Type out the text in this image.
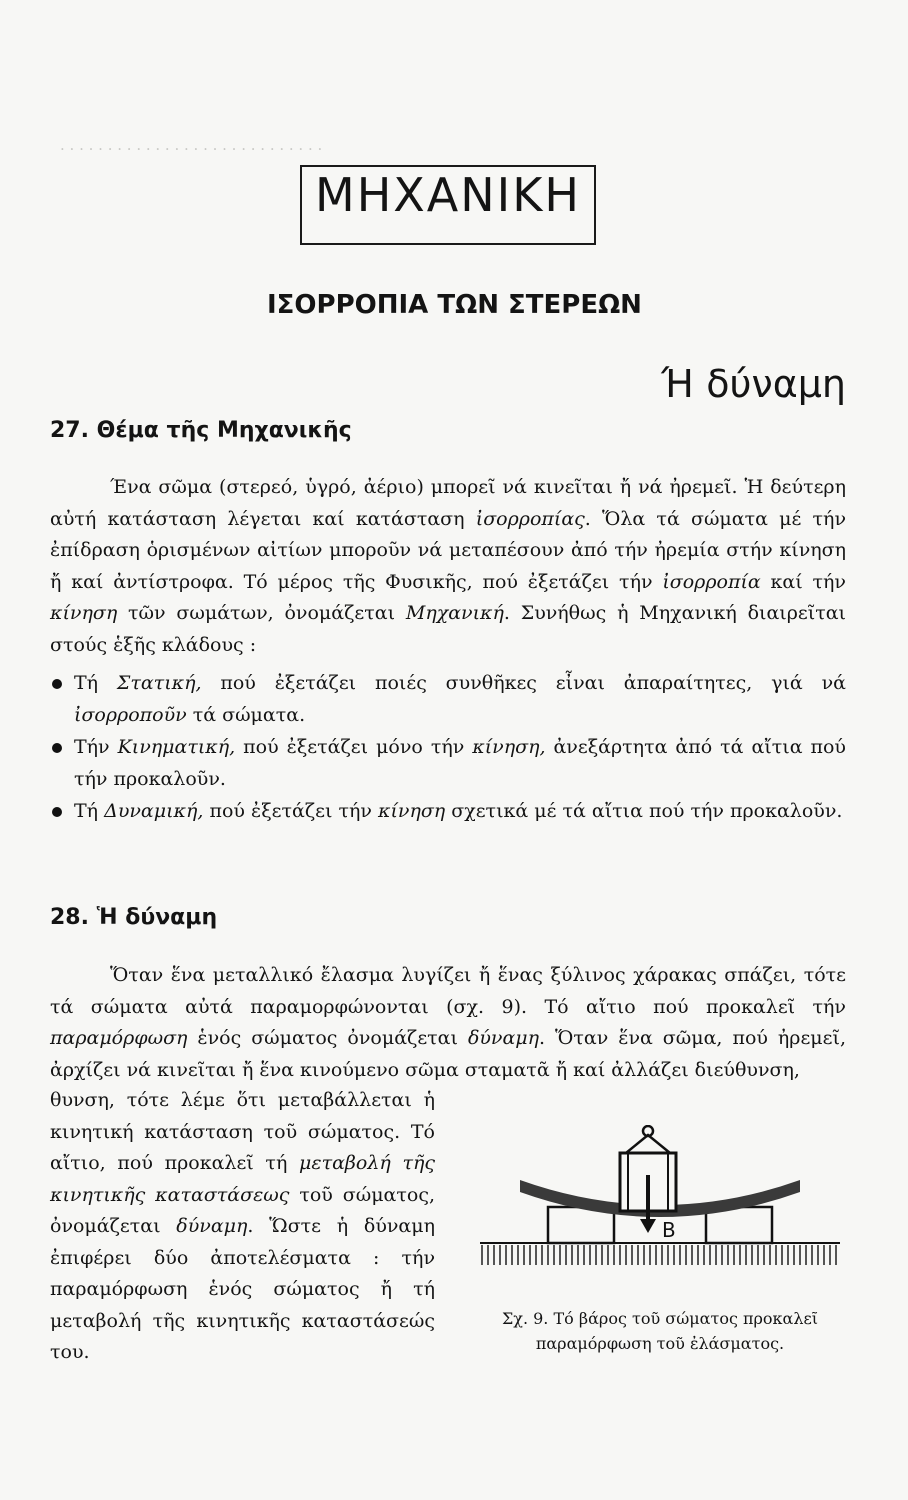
· · · · · · · · · · · · · · · · · · · · · · · · · · · ·
ΜΗΧΑΝΙΚΗ
ΙΣΟΡΡΟΠΙΑ ΤΩΝ ΣΤΕΡΕΩΝ
Ή δύναμη
27. Θέμα τῆς Μηχανικῆς

Ένα σῶμα (στερεό, ὑγρό, ἀέριο) μπορεῖ νά κινεῖται ἤ νά ἠρεμεῖ. Ἡ δεύτερη αὐτή κατάσταση λέγεται καί κατάσταση ἰσορροπίας. Ὅλα τά σώματα μέ τήν ἐπίδραση ὁρισμένων αἰτίων μποροῦν νά μεταπέσουν ἀπό τήν ἠρεμία στήν κίνηση ἤ καί ἀντίστροφα. Τό μέρος τῆς Φυσικῆς, πού ἐξετάζει τήν ἰσορροπία καί τήν κίνηση τῶν σωμάτων, ὀνομάζεται Μηχανική. Συνήθως ἡ Μηχανική διαιρεῖται στούς ἑξῆς κλάδους :

Τή Στατική, πού ἐξετάζει ποιές συνθῆκες εἶναι ἀπαραίτητες, γιά νά ἰσορροποῦν τά σώματα.
Τήν Κινηματική, πού ἐξετάζει μόνο τήν κίνηση, ἀνεξάρτητα ἀπό τά αἴτια πού τήν προκαλοῦν.
Τή Δυναμική, πού ἐξετάζει τήν κίνηση σχετικά μέ τά αἴτια πού τήν προκαλοῦν.
28. Ἡ δύναμη

Ὅταν ἕνα μεταλλικό ἔλασμα λυγίζει ἤ ἕνας ξύλινος χάρακας σπάζει, τότε τά σώματα αὐτά παραμορφώνονται (σχ. 9). Τό αἴτιο πού προκαλεῖ τήν παραμόρφωση ἑνός σώματος ὀνομάζεται δύναμη. Ὅταν ἕνα σῶμα, πού ἠρεμεῖ, ἀρχίζει νά κινεῖται ἤ ἕνα κινούμενο σῶμα σταματᾶ ἤ καί ἀλλάζει διεύθυνση,

θυνση, τότε λέμε ὅτι μεταβάλλεται ἡ κινητική κατάσταση τοῦ σώματος. Τό αἴτιο, πού προκαλεῖ τή μεταβολή τῆς κινητικῆς καταστάσεως τοῦ σώματος, ὀνομάζεται δύναμη. Ὥστε ἡ δύναμη ἐπιφέρει δύο ἀποτελέσματα : τήν παραμόρφωση ἑνός σώματος ἤ τή μεταβολή τῆς κινητικῆς καταστάσεώς του.

B

Σχ. 9. Τό βάρος τοῦ σώματος προκαλεῖ παραμόρφωση τοῦ ἐλάσματος.
